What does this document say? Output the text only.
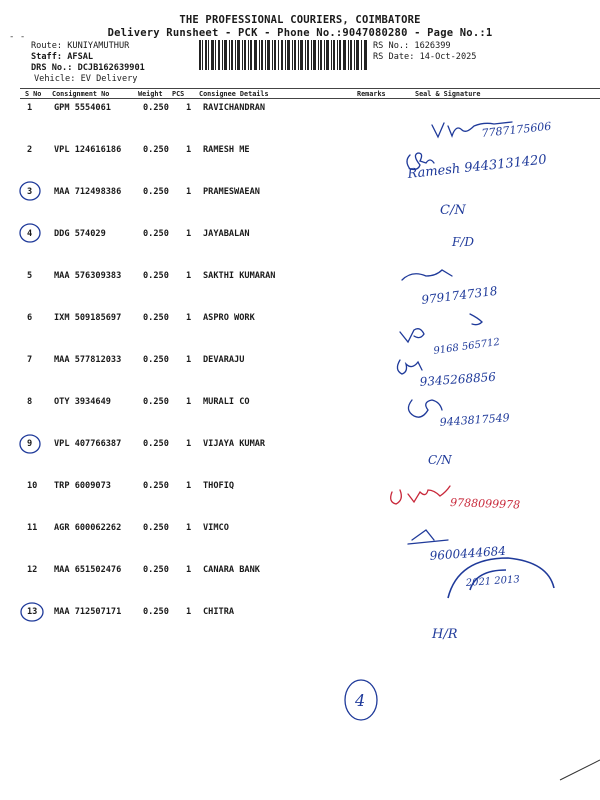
- -
THE PROFESSIONAL COURIERS, COIMBATORE
Delivery Runsheet - PCK - Phone No.:9047080280 - Page No.:1
Route: KUNIYAMUTHUR
Staff: AFSAL
DRS No.: DCJB162639901
Vehicle: EV Delivery
RS No.: 1626399
RS Date: 14-Oct-2025
S No Consignment No	Weight PCS Consignee Details	Remarks	Seal & Signature
1	GPM 5554061	0.250 1 RAVICHANDRAN
2	VPL 124616186	0.250 1 RAMESH ME
3	MAA 712498386	0.250 1 PRAMESWAEAN
4	DDG 574029	0.250 1 JAYABALAN
5	MAA 576309383	0.250 1 SAKTHI KUMARAN
6	IXM 509185697	0.250 1 ASPRO WORK
7	MAA 577812033	0.250 1 DEVARAJU
8	OTY 3934649	0.250 1 MURALI CO
9	VPL 407766387	0.250 1 VIJAYA KUMAR
10 TRP 6009073	0.250 1 THOFIQ
11 AGR 600062262	0.250 1 VIMCO
12 MAA 651502476	0.250 1 CANARA BANK
13 MAA 712507171	0.250 1 CHITRA
7787175606
Ramesh 9443131420
C/N
F/D
9791747318
9168 565712
9345268856
9443817549
C/N
9788099978
9600444684
2021 2013
H/R
4
